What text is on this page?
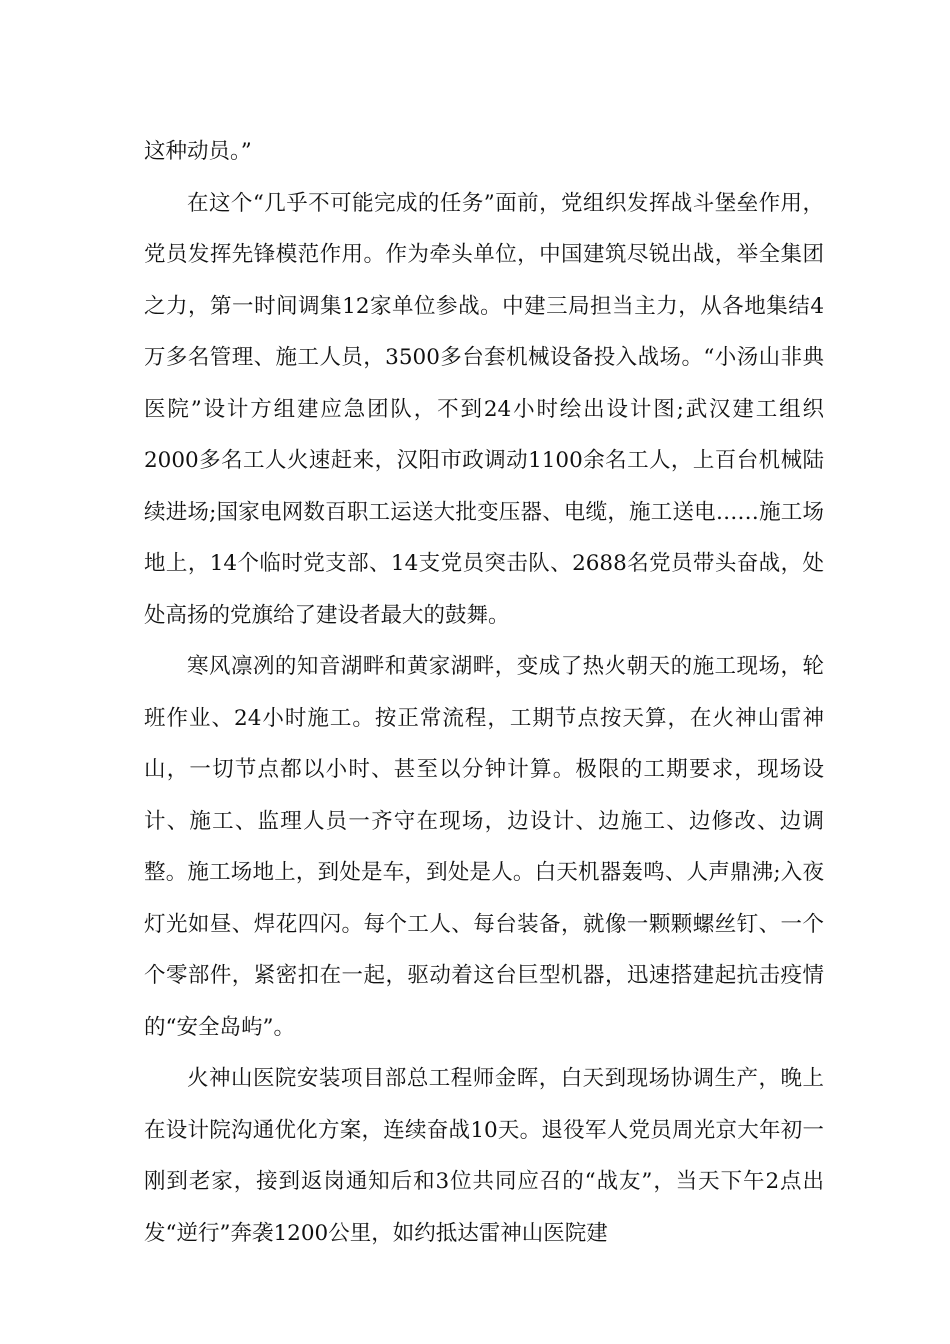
这种动员。”

在这个“几乎不可能完成的任务”面前，党组织发挥战斗堡垒作用，党员发挥先锋模范作用。作为牵头单位，中国建筑尽锐出战，举全集团之力，第一时间调集12家单位参战。中建三局担当主力，从各地集结4万多名管理、施工人员，3500多台套机械设备投入战场。“小汤山非典医院”设计方组建应急团队，不到24小时绘出设计图;武汉建工组织2000多名工人火速赶来，汉阳市政调动1100余名工人，上百台机械陆续进场;国家电网数百职工运送大批变压器、电缆，施工送电……施工场地上，14个临时党支部、14支党员突击队、2688名党员带头奋战，处处高扬的党旗给了建设者最大的鼓舞。

寒风凛冽的知音湖畔和黄家湖畔，变成了热火朝天的施工现场，轮班作业、24小时施工。按正常流程，工期节点按天算，在火神山雷神山，一切节点都以小时、甚至以分钟计算。极限的工期要求，现场设计、施工、监理人员一齐守在现场，边设计、边施工、边修改、边调整。施工场地上，到处是车，到处是人。白天机器轰鸣、人声鼎沸;入夜灯光如昼、焊花四闪。每个工人、每台装备，就像一颗颗螺丝钉、一个个零部件，紧密扣在一起，驱动着这台巨型机器，迅速搭建起抗击疫情的“安全岛屿”。

火神山医院安装项目部总工程师金晖，白天到现场协调生产，晚上在设计院沟通优化方案，连续奋战10天。退役军人党员周光京大年初一刚到老家，接到返岗通知后和3位共同应召的“战友”，当天下午2点出发“逆行”奔袭1200公里，如约抵达雷神山医院建
